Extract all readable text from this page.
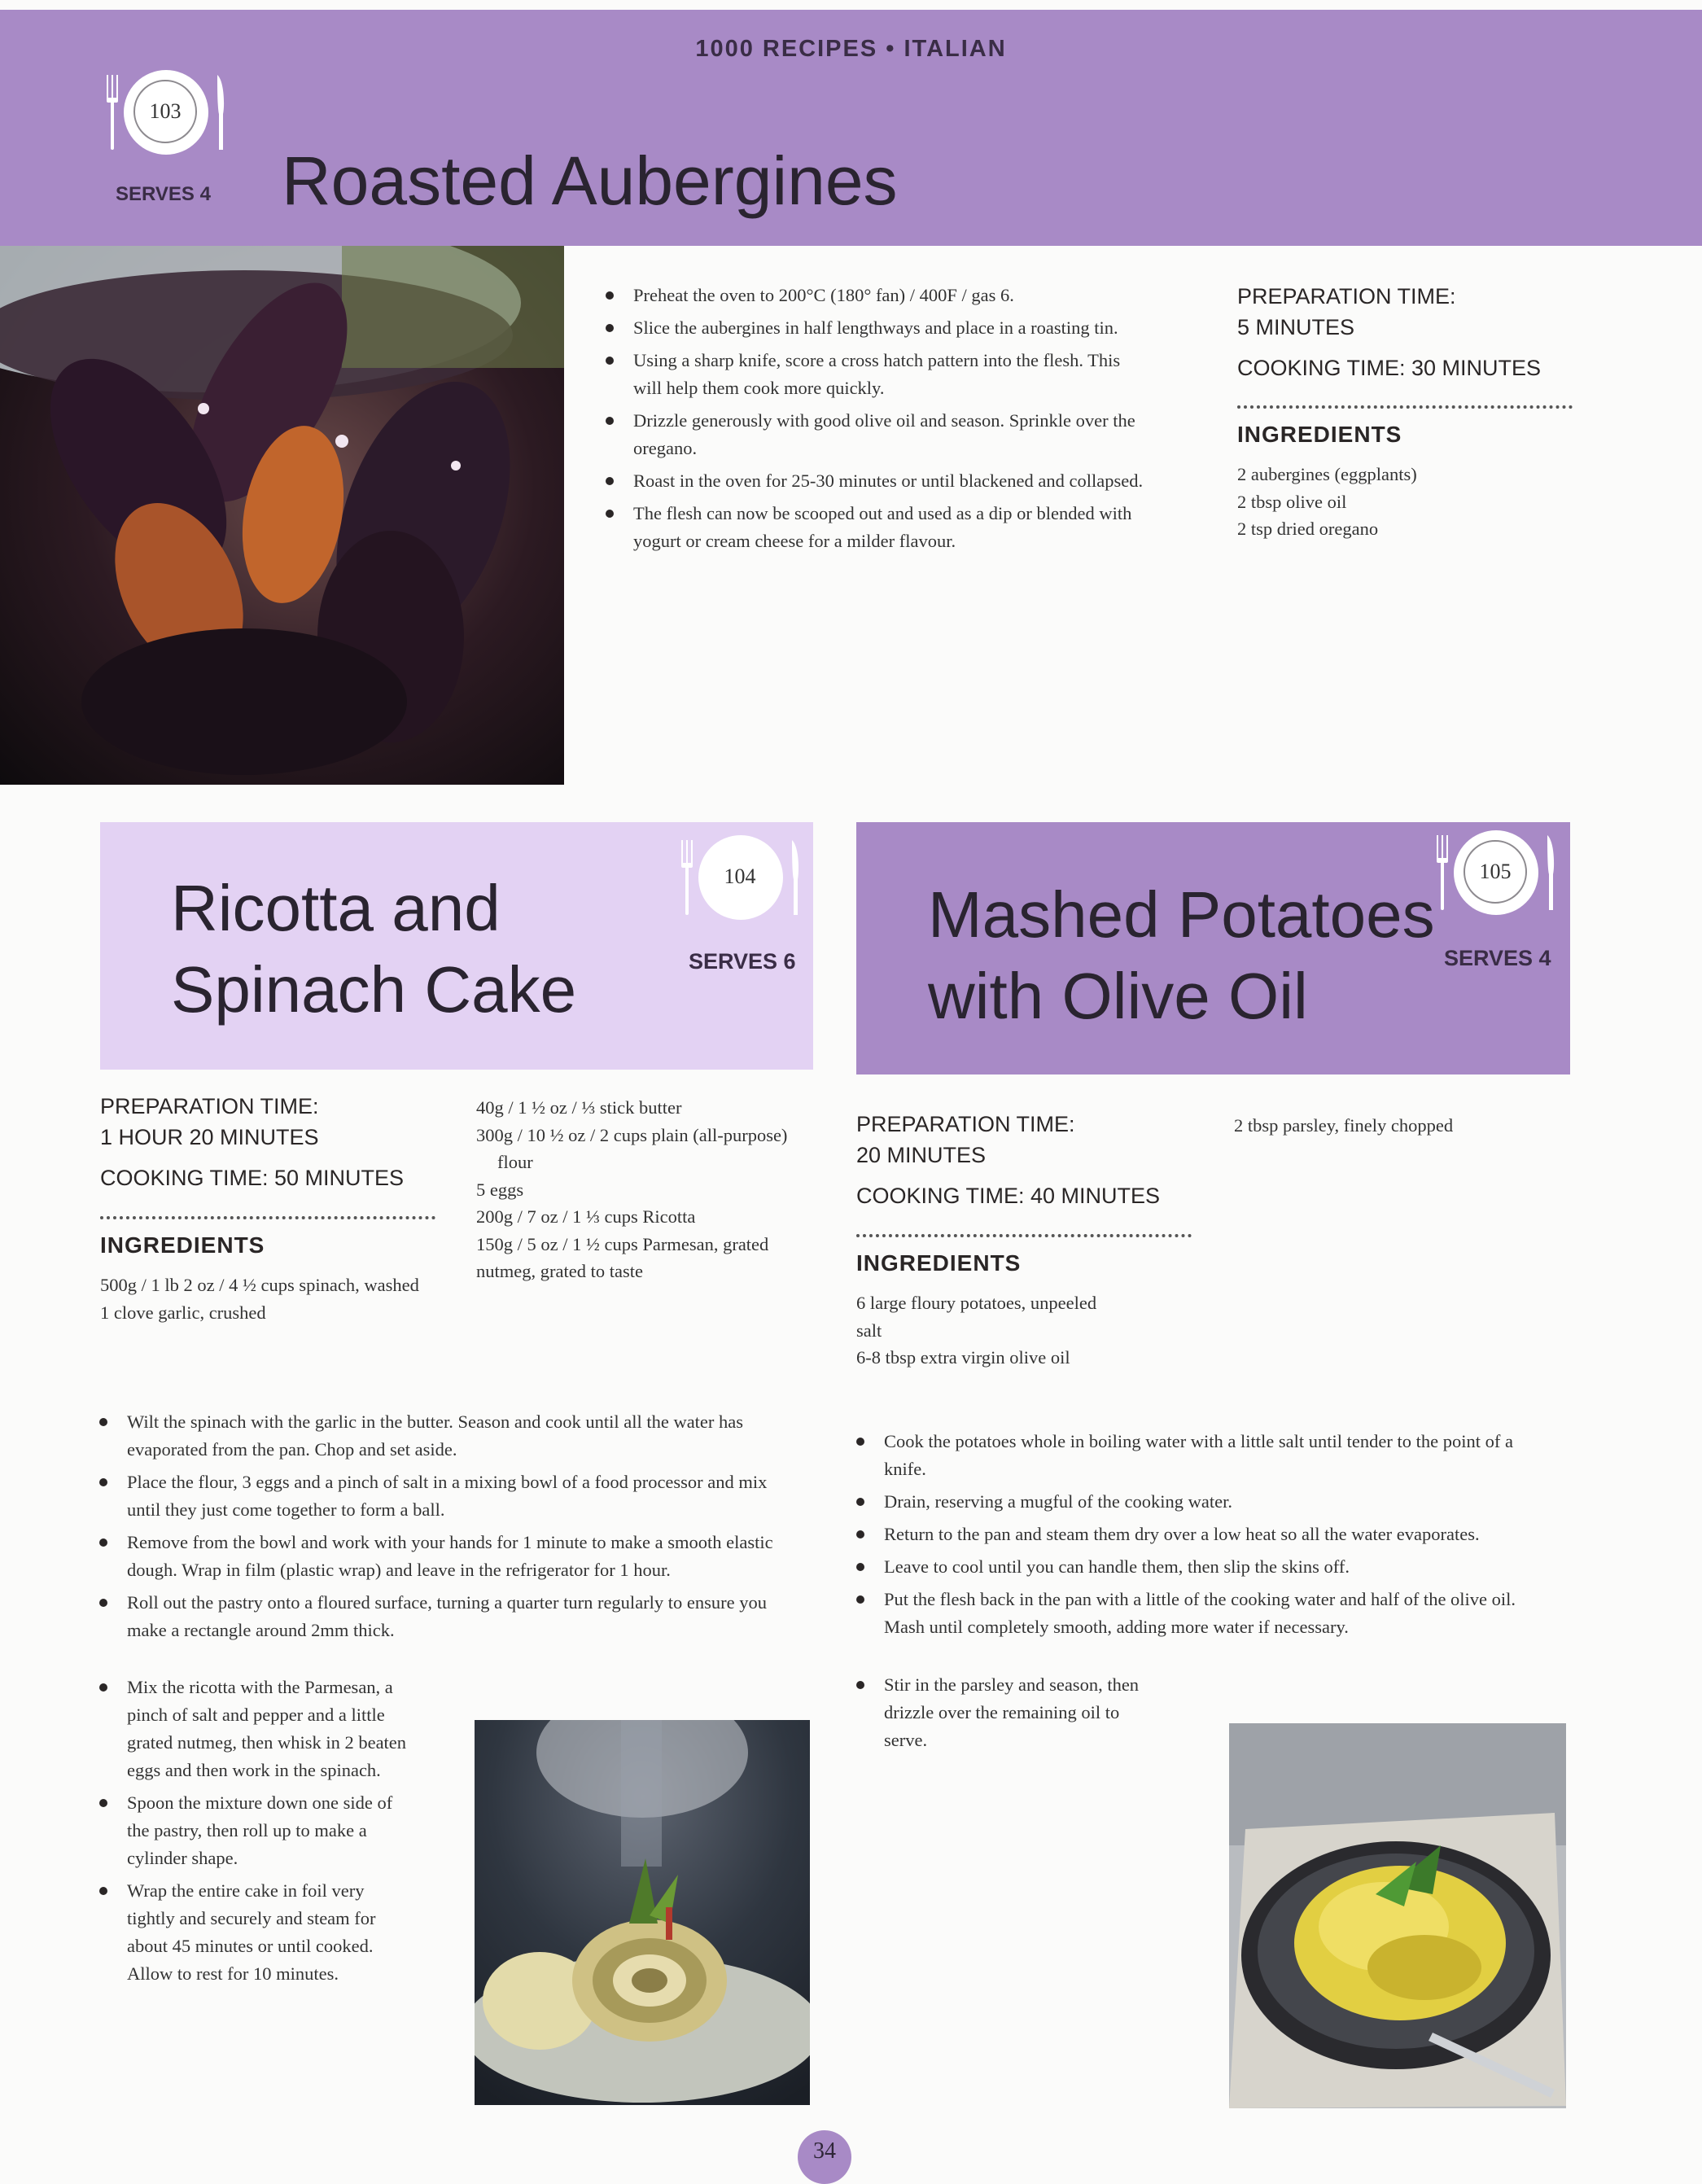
1000 RECIPES • ITALIAN
103
SERVES 4 Roasted Aubergines
Preheat the oven to 200°C (180° fan) / 400F / gas 6.
Slice the aubergines in half lengthways and place in a roasting tin.
Using a sharp knife, score a cross hatch pattern into the flesh. This will help them cook more quickly.
Drizzle generously with good olive oil and season. Sprinkle over the oregano.
Roast in the oven for 25-30 minutes or until blackened and collapsed.
The flesh can now be scooped out and used as a dip or blended with yogurt or cream cheese for a milder flavour.

PREPARATION TIME:
5 MINUTES

COOKING TIME: 30 MINUTES

INGREDIENTS
2 aubergines (eggplants)
2 tbsp olive oil
2 tsp dried oregano
Ricotta and
Spinach Cake
104
SERVES 6

PREPARATION TIME:
1 HOUR 20 MINUTES

COOKING TIME: 50 MINUTES

INGREDIENTS
500g / 1 lb 2 oz / 4 ½ cups spinach, washed
1 clove garlic, crushed
40g / 1 ½ oz / ⅓ stick butter
300g / 10 ½ oz / 2 cups plain (all-purpose) flour
5 eggs
200g / 7 oz / 1 ⅓ cups Ricotta
150g / 5 oz / 1 ½ cups Parmesan, grated
nutmeg, grated to taste
Wilt the spinach with the garlic in the butter. Season and cook until all the water has evaporated from the pan. Chop and set aside.
Place the flour, 3 eggs and a pinch of salt in a mixing bowl of a food processor and mix until they just come together to form a ball.
Remove from the bowl and work with your hands for 1 minute to make a smooth elastic dough. Wrap in film (plastic wrap) and leave in the refrigerator for 1 hour.
Roll out the pastry onto a floured surface, turning a quarter turn regularly to ensure you make a rectangle around 2mm thick.
Mix the ricotta with the Parmesan, a pinch of salt and pepper and a little grated nutmeg, then whisk in 2 beaten eggs and then work in the spinach.
Spoon the mixture down one side of the pastry, then roll up to make a cylinder shape.
Wrap the entire cake in foil very tightly and securely and steam for about 45 minutes or until cooked. Allow to rest for 10 minutes.
Mashed Potatoes
with Olive Oil
105
SERVES 4

PREPARATION TIME:
20 MINUTES

COOKING TIME: 40 MINUTES

INGREDIENTS
6 large floury potatoes, unpeeled
salt
6-8 tbsp extra virgin olive oil
2 tbsp parsley, finely chopped
Cook the potatoes whole in boiling water with a little salt until tender to the point of a knife.
Drain, reserving a mugful of the cooking water.
Return to the pan and steam them dry over a low heat so all the water evaporates.
Leave to cool until you can handle them, then slip the skins off.
Put the flesh back in the pan with a little of the cooking water and half of the olive oil. Mash until completely smooth, adding more water if necessary.
Stir in the parsley and season, then drizzle over the remaining oil to serve.
34
